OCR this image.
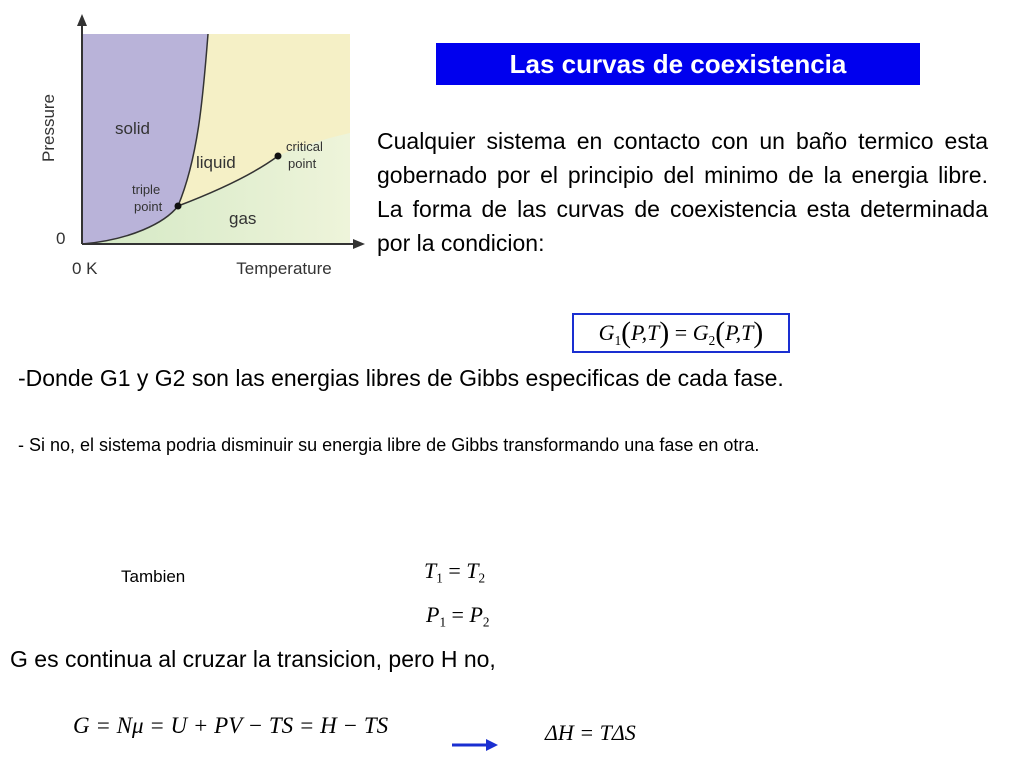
Pressure
Temperature
0
0 K
solid
liquid
gas
triple
point
critical
point
Las curvas de coexistencia
Cualquier sistema en contacto con un baño termico esta gobernado por el principio del minimo de la energia libre. La forma de las curvas de coexistencia esta determinada por la condicion:
$G_1(P,T) = G_2(P,T)$
-Donde G1 y G2 son las energias libres de Gibbs especificas de cada fase.
- Si no, el sistema podria disminuir su energia libre de Gibbs transformando una fase en otra.
Tambien	$T_1 = T_2$
$P_1 = P_2$
G es continua al cruzar la transicion, pero H no,
G = Nμ = U + PV − TS = H − TS	ΔH = TΔS
